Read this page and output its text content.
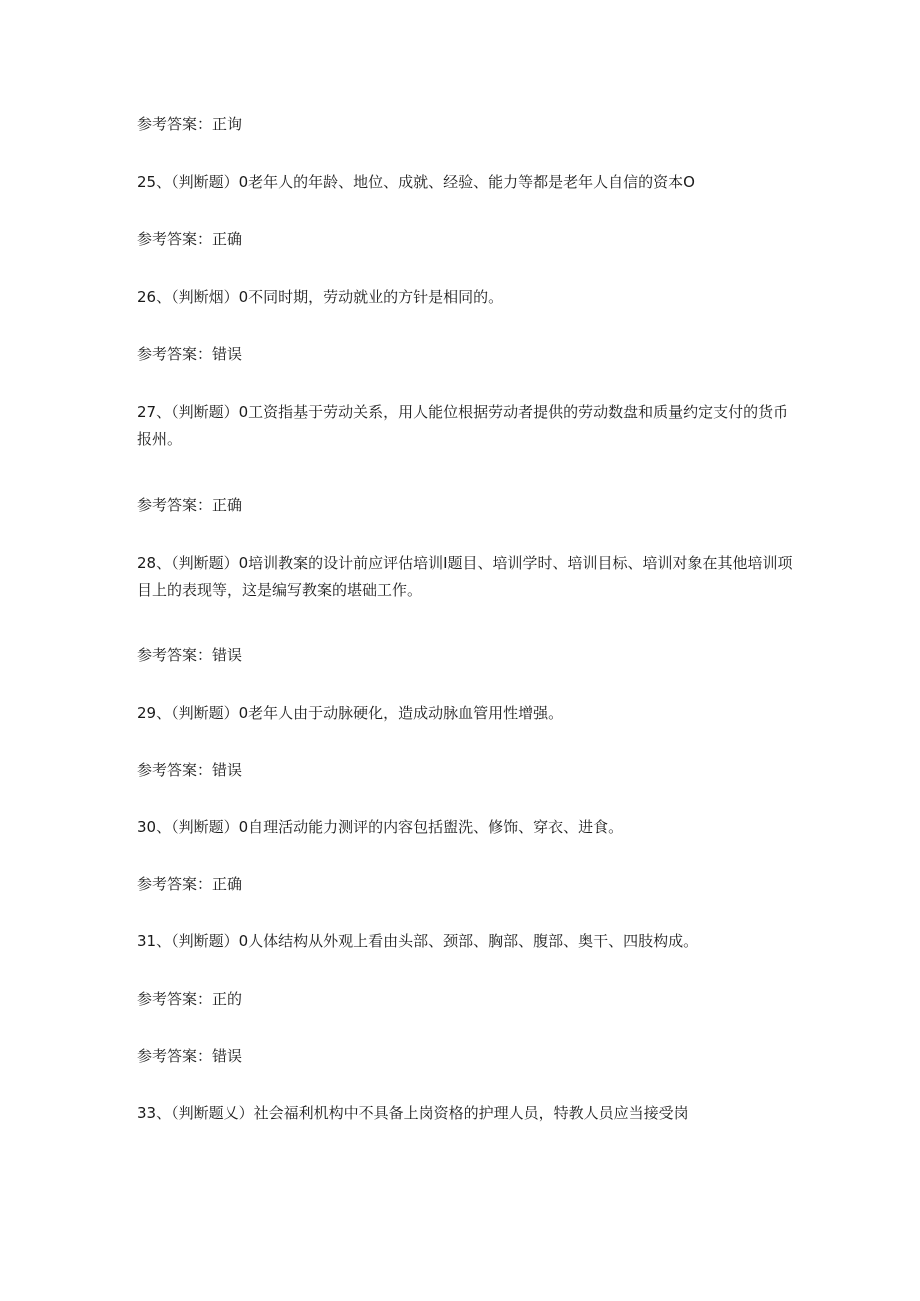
参考答案：正询

25、（判断题）0老年人的年龄、地位、成就、经验、能力等都是老年人自信的资本O

参考答案：正确

26、（判断烟）0不同时期，劳动就业的方针是相同的。

参考答案：错误

27、（判断题）0工资指基于劳动关系，用人能位根据劳动者提供的劳动数盘和质量约定支付的货币报州。

参考答案：正确

28、（判断题）0培训教案的设计前应评估培训I题目、培训学时、培训目标、培训对象在其他培训项目上的表现等，这是编写教案的堪础工作。

参考答案：错误

29、（判断题）0老年人由于动脉硬化，造成动脉血管用性增强。

参考答案：错误

30、（判断题）0自理活动能力测评的内容包括盥洗、修饰、穿衣、进食。

参考答案：正确

31、（判断题）0人体结构从外观上看由头部、颈部、胸部、腹部、奥干、四肢构成。

参考答案：正的

参考答案：错误

33、（判断题乂）社会福利机构中不具备上岗资格的护理人员，特教人员应当接受岗
